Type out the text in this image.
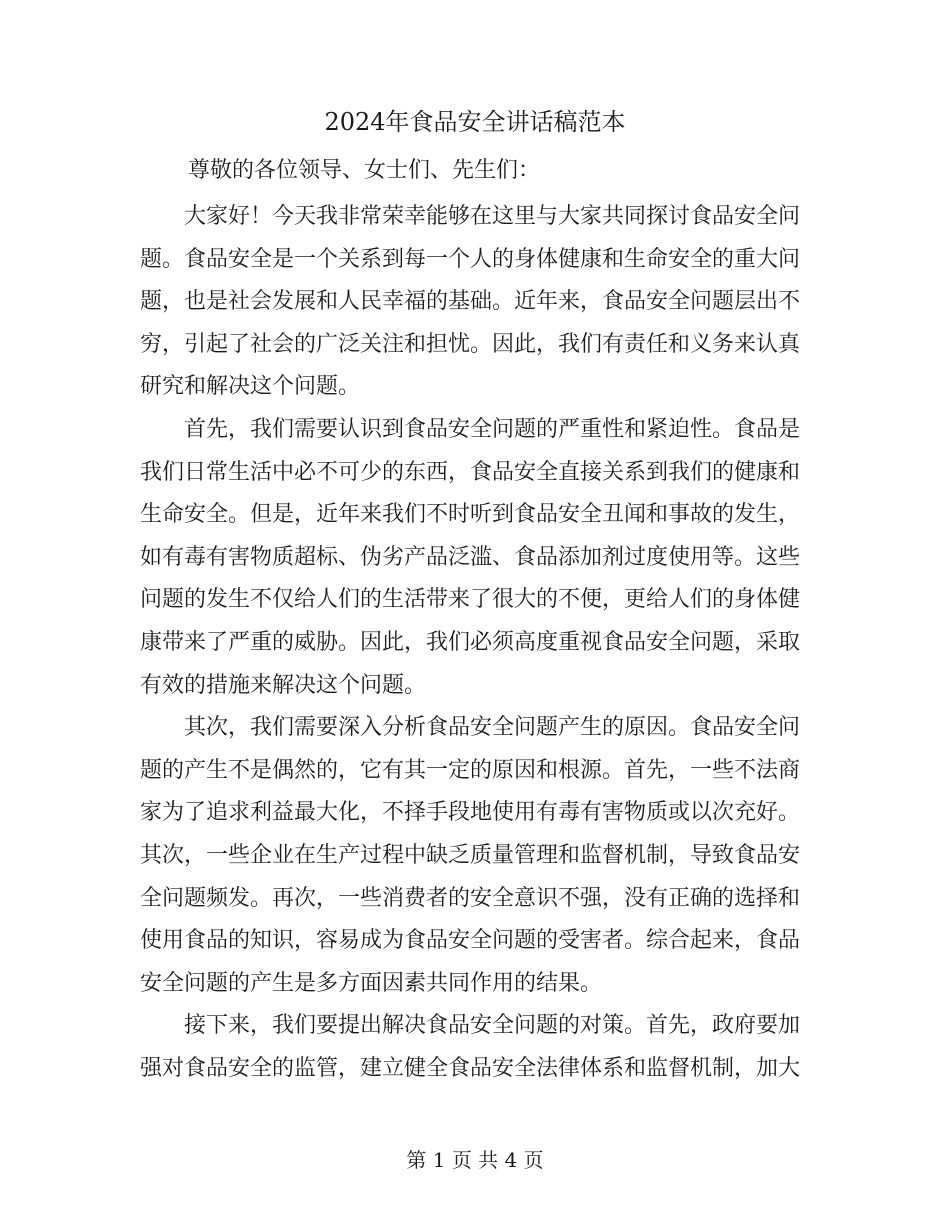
2024年食品安全讲话稿范本

尊敬的各位领导、女士们、先生们：

大家好！今天我非常荣幸能够在这里与大家共同探讨食品安全问题。食品安全是一个关系到每一个人的身体健康和生命安全的重大问题，也是社会发展和人民幸福的基础。近年来，食品安全问题层出不穷，引起了社会的广泛关注和担忧。因此，我们有责任和义务来认真研究和解决这个问题。

首先，我们需要认识到食品安全问题的严重性和紧迫性。食品是我们日常生活中必不可少的东西，食品安全直接关系到我们的健康和生命安全。但是，近年来我们不时听到食品安全丑闻和事故的发生，如有毒有害物质超标、伪劣产品泛滥、食品添加剂过度使用等。这些问题的发生不仅给人们的生活带来了很大的不便，更给人们的身体健康带来了严重的威胁。因此，我们必须高度重视食品安全问题，采取有效的措施来解决这个问题。

其次，我们需要深入分析食品安全问题产生的原因。食品安全问题的产生不是偶然的，它有其一定的原因和根源。首先，一些不法商家为了追求利益最大化，不择手段地使用有毒有害物质或以次充好。其次，一些企业在生产过程中缺乏质量管理和监督机制，导致食品安全问题频发。再次，一些消费者的安全意识不强，没有正确的选择和使用食品的知识，容易成为食品安全问题的受害者。综合起来，食品安全问题的产生是多方面因素共同作用的结果。

接下来，我们要提出解决食品安全问题的对策。首先，政府要加强对食品安全的监管，建立健全食品安全法律体系和监督机制，加大

第 1 页 共 4 页
